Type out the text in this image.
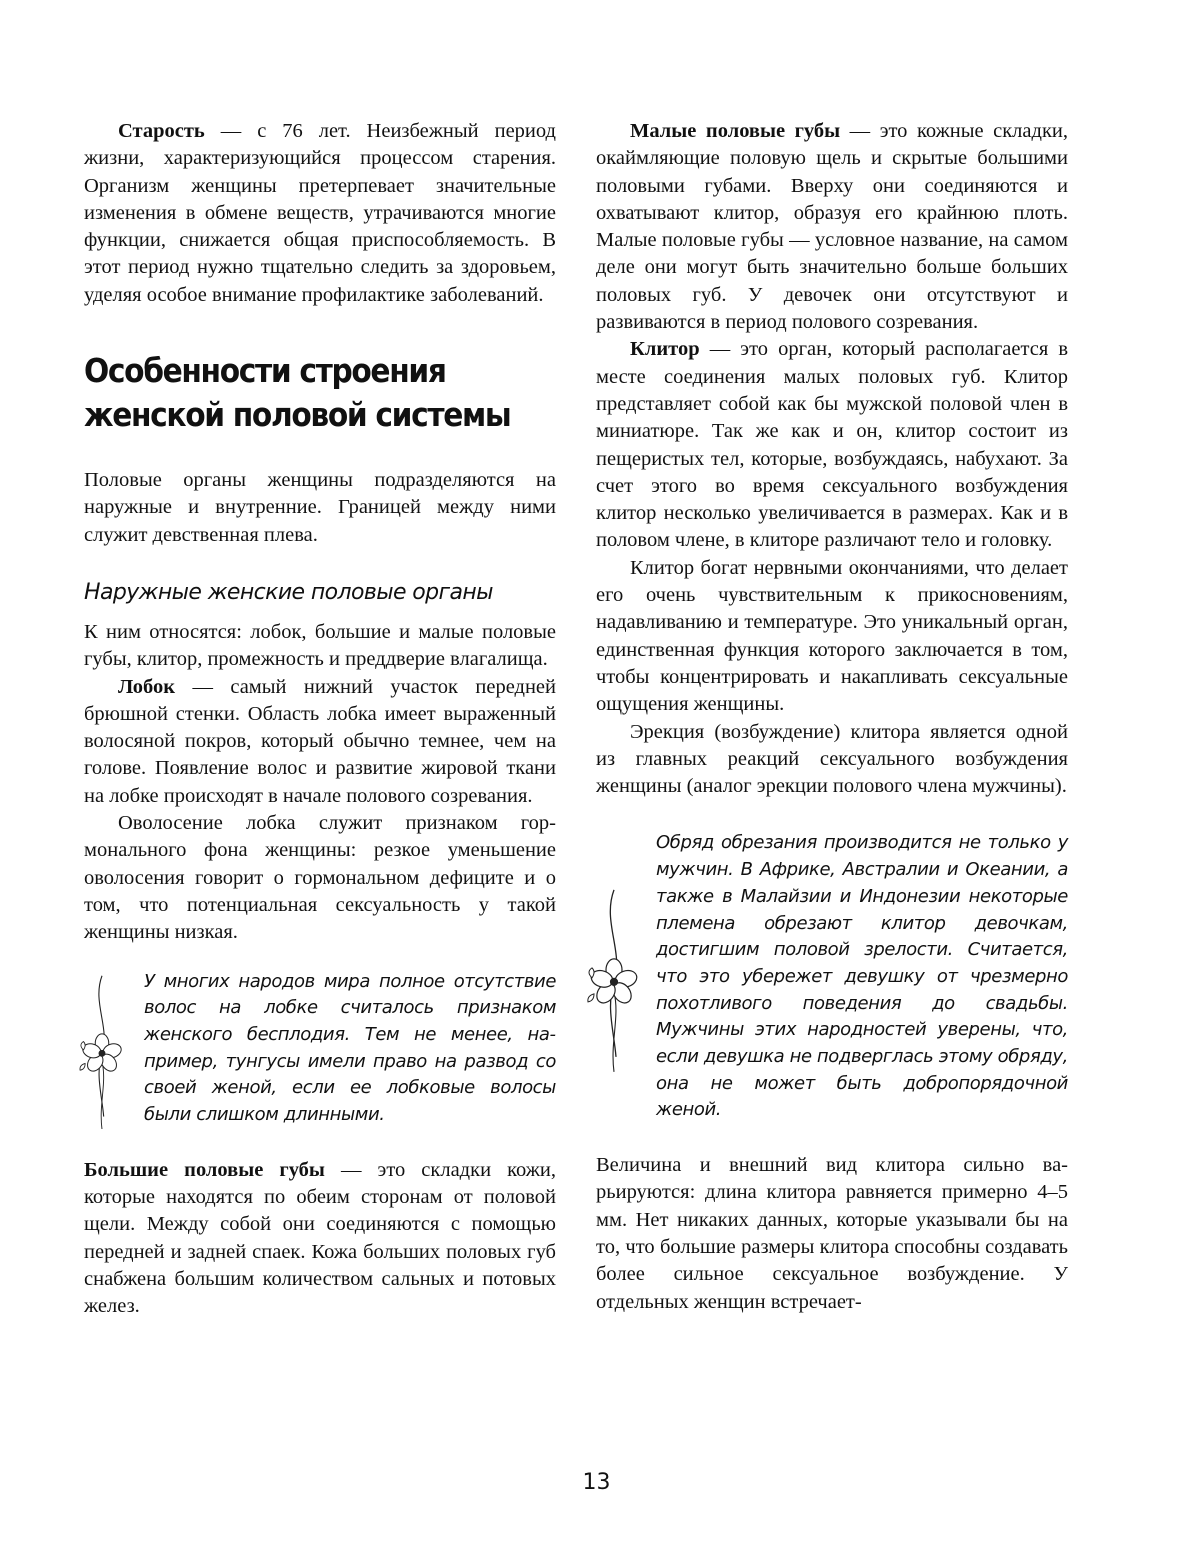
Старость — с 76 лет. Неизбежный период жизни, характеризующийся процессом старения. Организм женщины претерпевает значительные изменения в обмене веществ, утрачиваются многие функции, снижается общая приспособляемость. В этот период нужно тщательно следить за здоровьем, уделяя особое внимание профилактике заболеваний.

Особенности строения женской половой системы

Половые органы женщины подразделяются на наружные и внутренние. Границей между ними служит девственная плева.

Наружные женские половые органы

К ним относятся: лобок, большие и малые половые губы, клитор, промежность и преддверие влагалища.

Лобок — самый нижний участок передней брюшной стенки. Область лобка имеет выраженный волосяной покров, который обычно темнее, чем на голове. Появление волос и развитие жировой ткани на лобке происходят в начале полового созревания.

Оволосение лобка служит признаком гормонального фона женщины: резкое уменьшение оволосения говорит о гормональном дефиците и о том, что потенциальная сексуальность у такой женщины низкая.

У многих народов мира полное отсутствие волос на лобке считалось признаком женского бесплодия. Тем не менее, например, тунгусы имели право на развод со своей женой, если ее лобковые волосы были слишком длинными.

Большие половые губы — это складки кожи, которые находятся по обеим сторонам от половой щели. Между собой они соединяются с помощью передней и задней спаек. Кожа больших половых губ снабжена большим количеством сальных и потовых желез.

Малые половые губы — это кожные складки, окаймляющие половую щель и скрытые большими половыми губами. Вверху они соединяются и охватывают клитор, образуя его крайнюю плоть. Малые половые губы — условное название, на самом деле они могут быть значительно больше больших половых губ. У девочек они отсутствуют и развиваются в период полового созревания.

Клитор — это орган, который располагается в месте соединения малых половых губ. Клитор представляет собой как бы мужской половой член в миниатюре. Так же как и он, клитор состоит из пещеристых тел, которые, возбуждаясь, набухают. За счет этого во время сексуального возбуждения клитор несколько увеличивается в размерах. Как и в половом члене, в клиторе различают тело и головку.

Клитор богат нервными окончаниями, что делает его очень чувствительным к прикосновениям, надавливанию и температуре. Это уникальный орган, единственная функция которого заключается в том, чтобы концентрировать и накапливать сексуальные ощущения женщины.

Эрекция (возбуждение) клитора является одной из главных реакций сексуального возбуждения женщины (аналог эрекции полового члена мужчины).

Обряд обрезания производится не только у мужчин. В Африке, Австралии и Океании, а также в Малайзии и Индонезии некоторые племена обрезают клитор девочкам, достигшим половой зрелости. Считается, что это убережет девушку от чрезмерно похотливого поведения до свадьбы. Мужчины этих народностей уверены, что, если девушка не подверглась этому обряду, она не может быть добропорядочной женой.

Величина и внешний вид клитора сильно варьируются: длина клитора равняется примерно 4–5 мм. Нет никаких данных, которые указывали бы на то, что большие размеры клитора способны создавать более сильное сексуальное возбуждение. У отдельных женщин встречает-

13
